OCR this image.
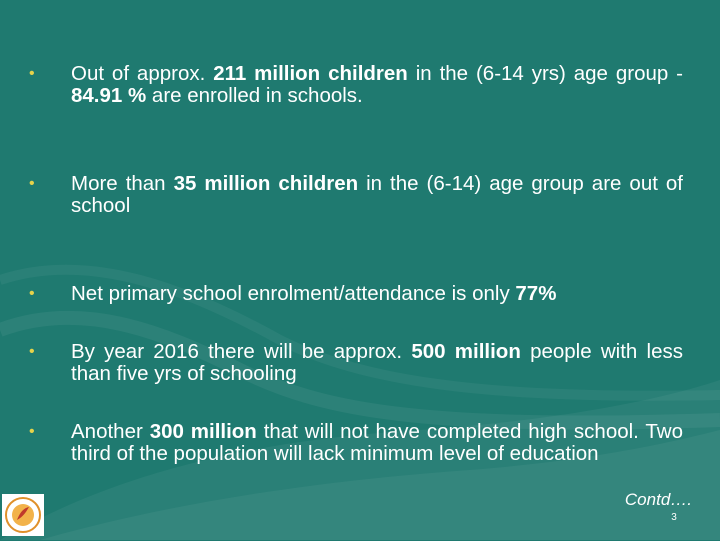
• Out of approx. 211 million children in the (6-14 yrs) age group - 84.91 % are enrolled in schools.
• More than 35 million children in the (6-14) age group are out of school
• Net primary school enrolment/attendance is only 77%
• By year 2016 there will be approx. 500 million people with less than five yrs of schooling
• Another 300 million that will not have completed high school. Two third of the population will lack minimum level of education
Contd….
3
